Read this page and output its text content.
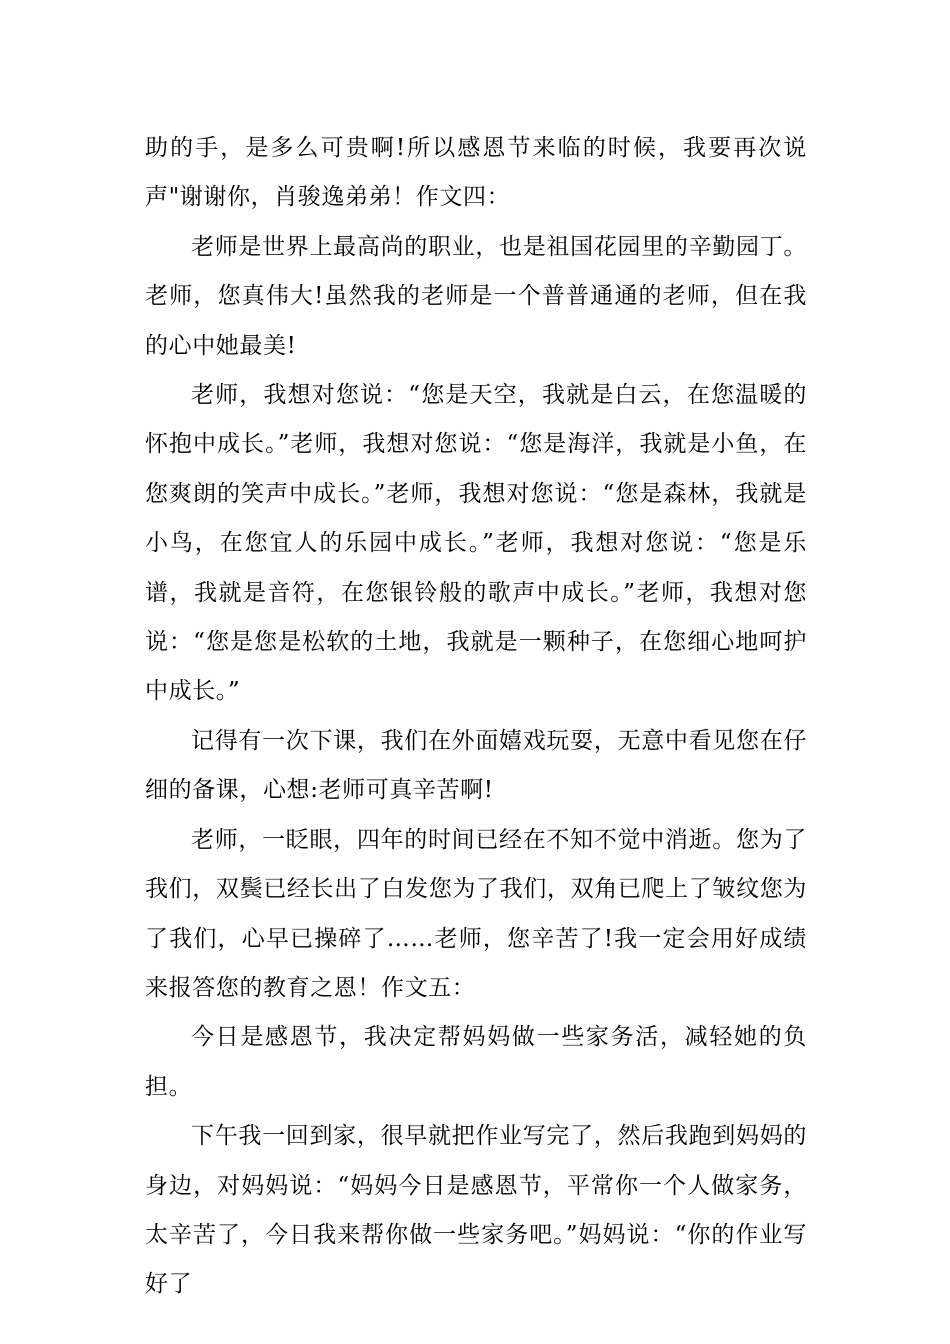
助的手，是多么可贵啊!所以感恩节来临的时候，我要再次说声"谢谢你，肖骏逸弟弟！作文四：

老师是世界上最高尚的职业，也是祖国花园里的辛勤园丁。老师，您真伟大!虽然我的老师是一个普普通通的老师，但在我的心中她最美!

老师，我想对您说：“您是天空，我就是白云，在您温暖的怀抱中成长。”老师，我想对您说：“您是海洋，我就是小鱼，在您爽朗的笑声中成长。”老师，我想对您说：“您是森林，我就是小鸟，在您宜人的乐园中成长。”老师，我想对您说：“您是乐谱，我就是音符，在您银铃般的歌声中成长。”老师，我想对您说：“您是您是松软的土地，我就是一颗种子，在您细心地呵护中成长。”

记得有一次下课，我们在外面嬉戏玩耍，无意中看见您在仔细的备课，心想:老师可真辛苦啊!

老师，一眨眼，四年的时间已经在不知不觉中消逝。您为了我们，双鬓已经长出了白发您为了我们，双角已爬上了皱纹您为了我们，心早已操碎了……老师，您辛苦了!我一定会用好成绩来报答您的教育之恩！作文五：

今日是感恩节，我决定帮妈妈做一些家务活，减轻她的负担。

下午我一回到家，很早就把作业写完了，然后我跑到妈妈的身边，对妈妈说：“妈妈今日是感恩节，平常你一个人做家务，太辛苦了，今日我来帮你做一些家务吧。”妈妈说：“你的作业写好了
